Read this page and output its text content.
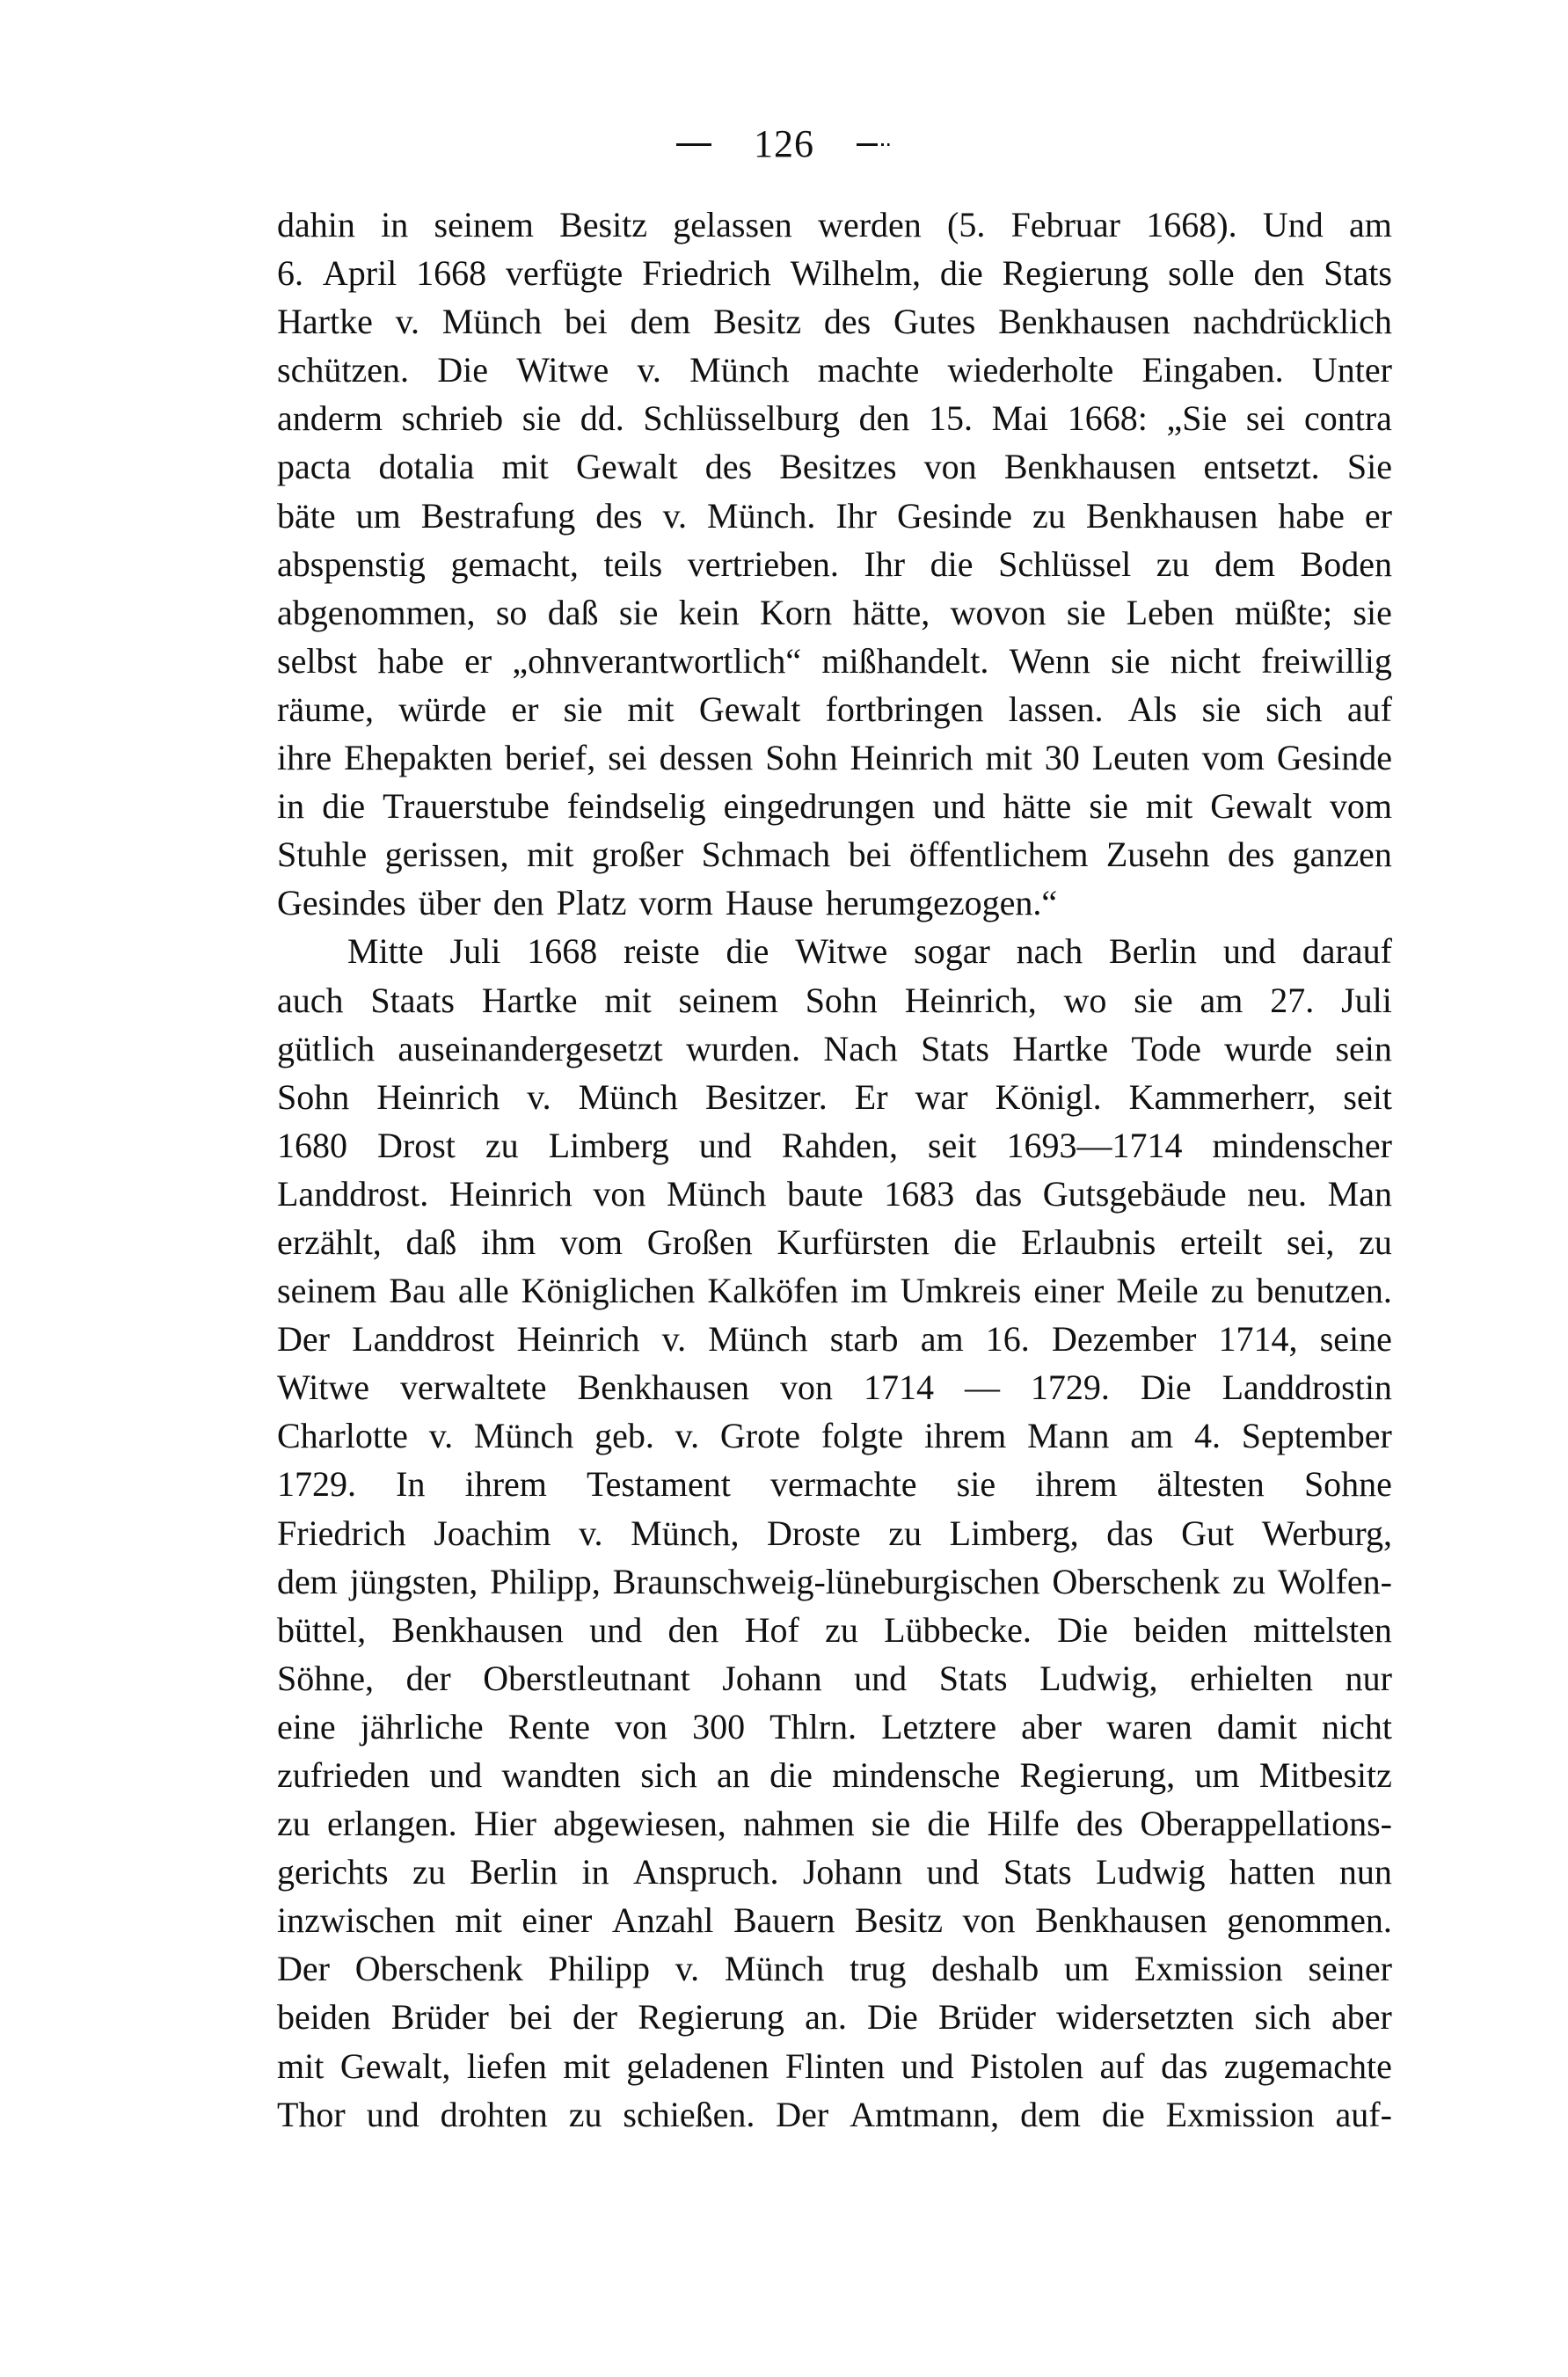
126
dahin in seinem Besitz gelassen werden (5. Februar 1668). Und am
6. April 1668 verfügte Friedrich Wilhelm, die Regierung solle den Stats
Hartke v. Münch bei dem Besitz des Gutes Benkhausen nachdrücklich
schützen. Die Witwe v. Münch machte wiederholte Eingaben. Unter
anderm schrieb sie dd. Schlüsselburg den 15. Mai 1668: „Sie sei contra
pacta dotalia mit Gewalt des Besitzes von Benkhausen entsetzt. Sie
bäte um Bestrafung des v. Münch. Ihr Gesinde zu Benkhausen habe er
abspenstig gemacht, teils vertrieben. Ihr die Schlüssel zu dem Boden
abgenommen, so daß sie kein Korn hätte, wovon sie Leben müßte; sie
selbst habe er „ohnverantwortlich“ mißhandelt. Wenn sie nicht freiwillig
räume, würde er sie mit Gewalt fortbringen lassen. Als sie sich auf
ihre Ehepakten berief, sei dessen Sohn Heinrich mit 30 Leuten vom Gesinde
in die Trauerstube feindselig eingedrungen und hätte sie mit Gewalt vom
Stuhle gerissen, mit großer Schmach bei öffentlichem Zusehn des ganzen
Gesindes über den Platz vorm Hause herumgezogen.“
Mitte Juli 1668 reiste die Witwe sogar nach Berlin und darauf
auch Staats Hartke mit seinem Sohn Heinrich, wo sie am 27. Juli
gütlich auseinandergesetzt wurden. Nach Stats Hartke Tode wurde sein
Sohn Heinrich v. Münch Besitzer. Er war Königl. Kammerherr, seit
1680 Drost zu Limberg und Rahden, seit 1693—1714 mindenscher
Landdrost. Heinrich von Münch baute 1683 das Gutsgebäude neu. Man
erzählt, daß ihm vom Großen Kurfürsten die Erlaubnis erteilt sei, zu
seinem Bau alle Königlichen Kalköfen im Umkreis einer Meile zu benutzen.
Der Landdrost Heinrich v. Münch starb am 16. Dezember 1714, seine
Witwe verwaltete Benkhausen von 1714 — 1729. Die Landdrostin
Charlotte v. Münch geb. v. Grote folgte ihrem Mann am 4. September
1729. In ihrem Testament vermachte sie ihrem ältesten Sohne
Friedrich Joachim v. Münch, Droste zu Limberg, das Gut Werburg,
dem jüngsten, Philipp, Braunschweig-lüneburgischen Oberschenk zu Wolfen-
büttel, Benkhausen und den Hof zu Lübbecke. Die beiden mittelsten
Söhne, der Oberstleutnant Johann und Stats Ludwig, erhielten nur
eine jährliche Rente von 300 Thlrn. Letztere aber waren damit nicht
zufrieden und wandten sich an die mindensche Regierung, um Mitbesitz
zu erlangen. Hier abgewiesen, nahmen sie die Hilfe des Oberappellations-
gerichts zu Berlin in Anspruch. Johann und Stats Ludwig hatten nun
inzwischen mit einer Anzahl Bauern Besitz von Benkhausen genommen.
Der Oberschenk Philipp v. Münch trug deshalb um Exmission seiner
beiden Brüder bei der Regierung an. Die Brüder widersetzten sich aber
mit Gewalt, liefen mit geladenen Flinten und Pistolen auf das zugemachte
Thor und drohten zu schießen. Der Amtmann, dem die Exmission auf-
